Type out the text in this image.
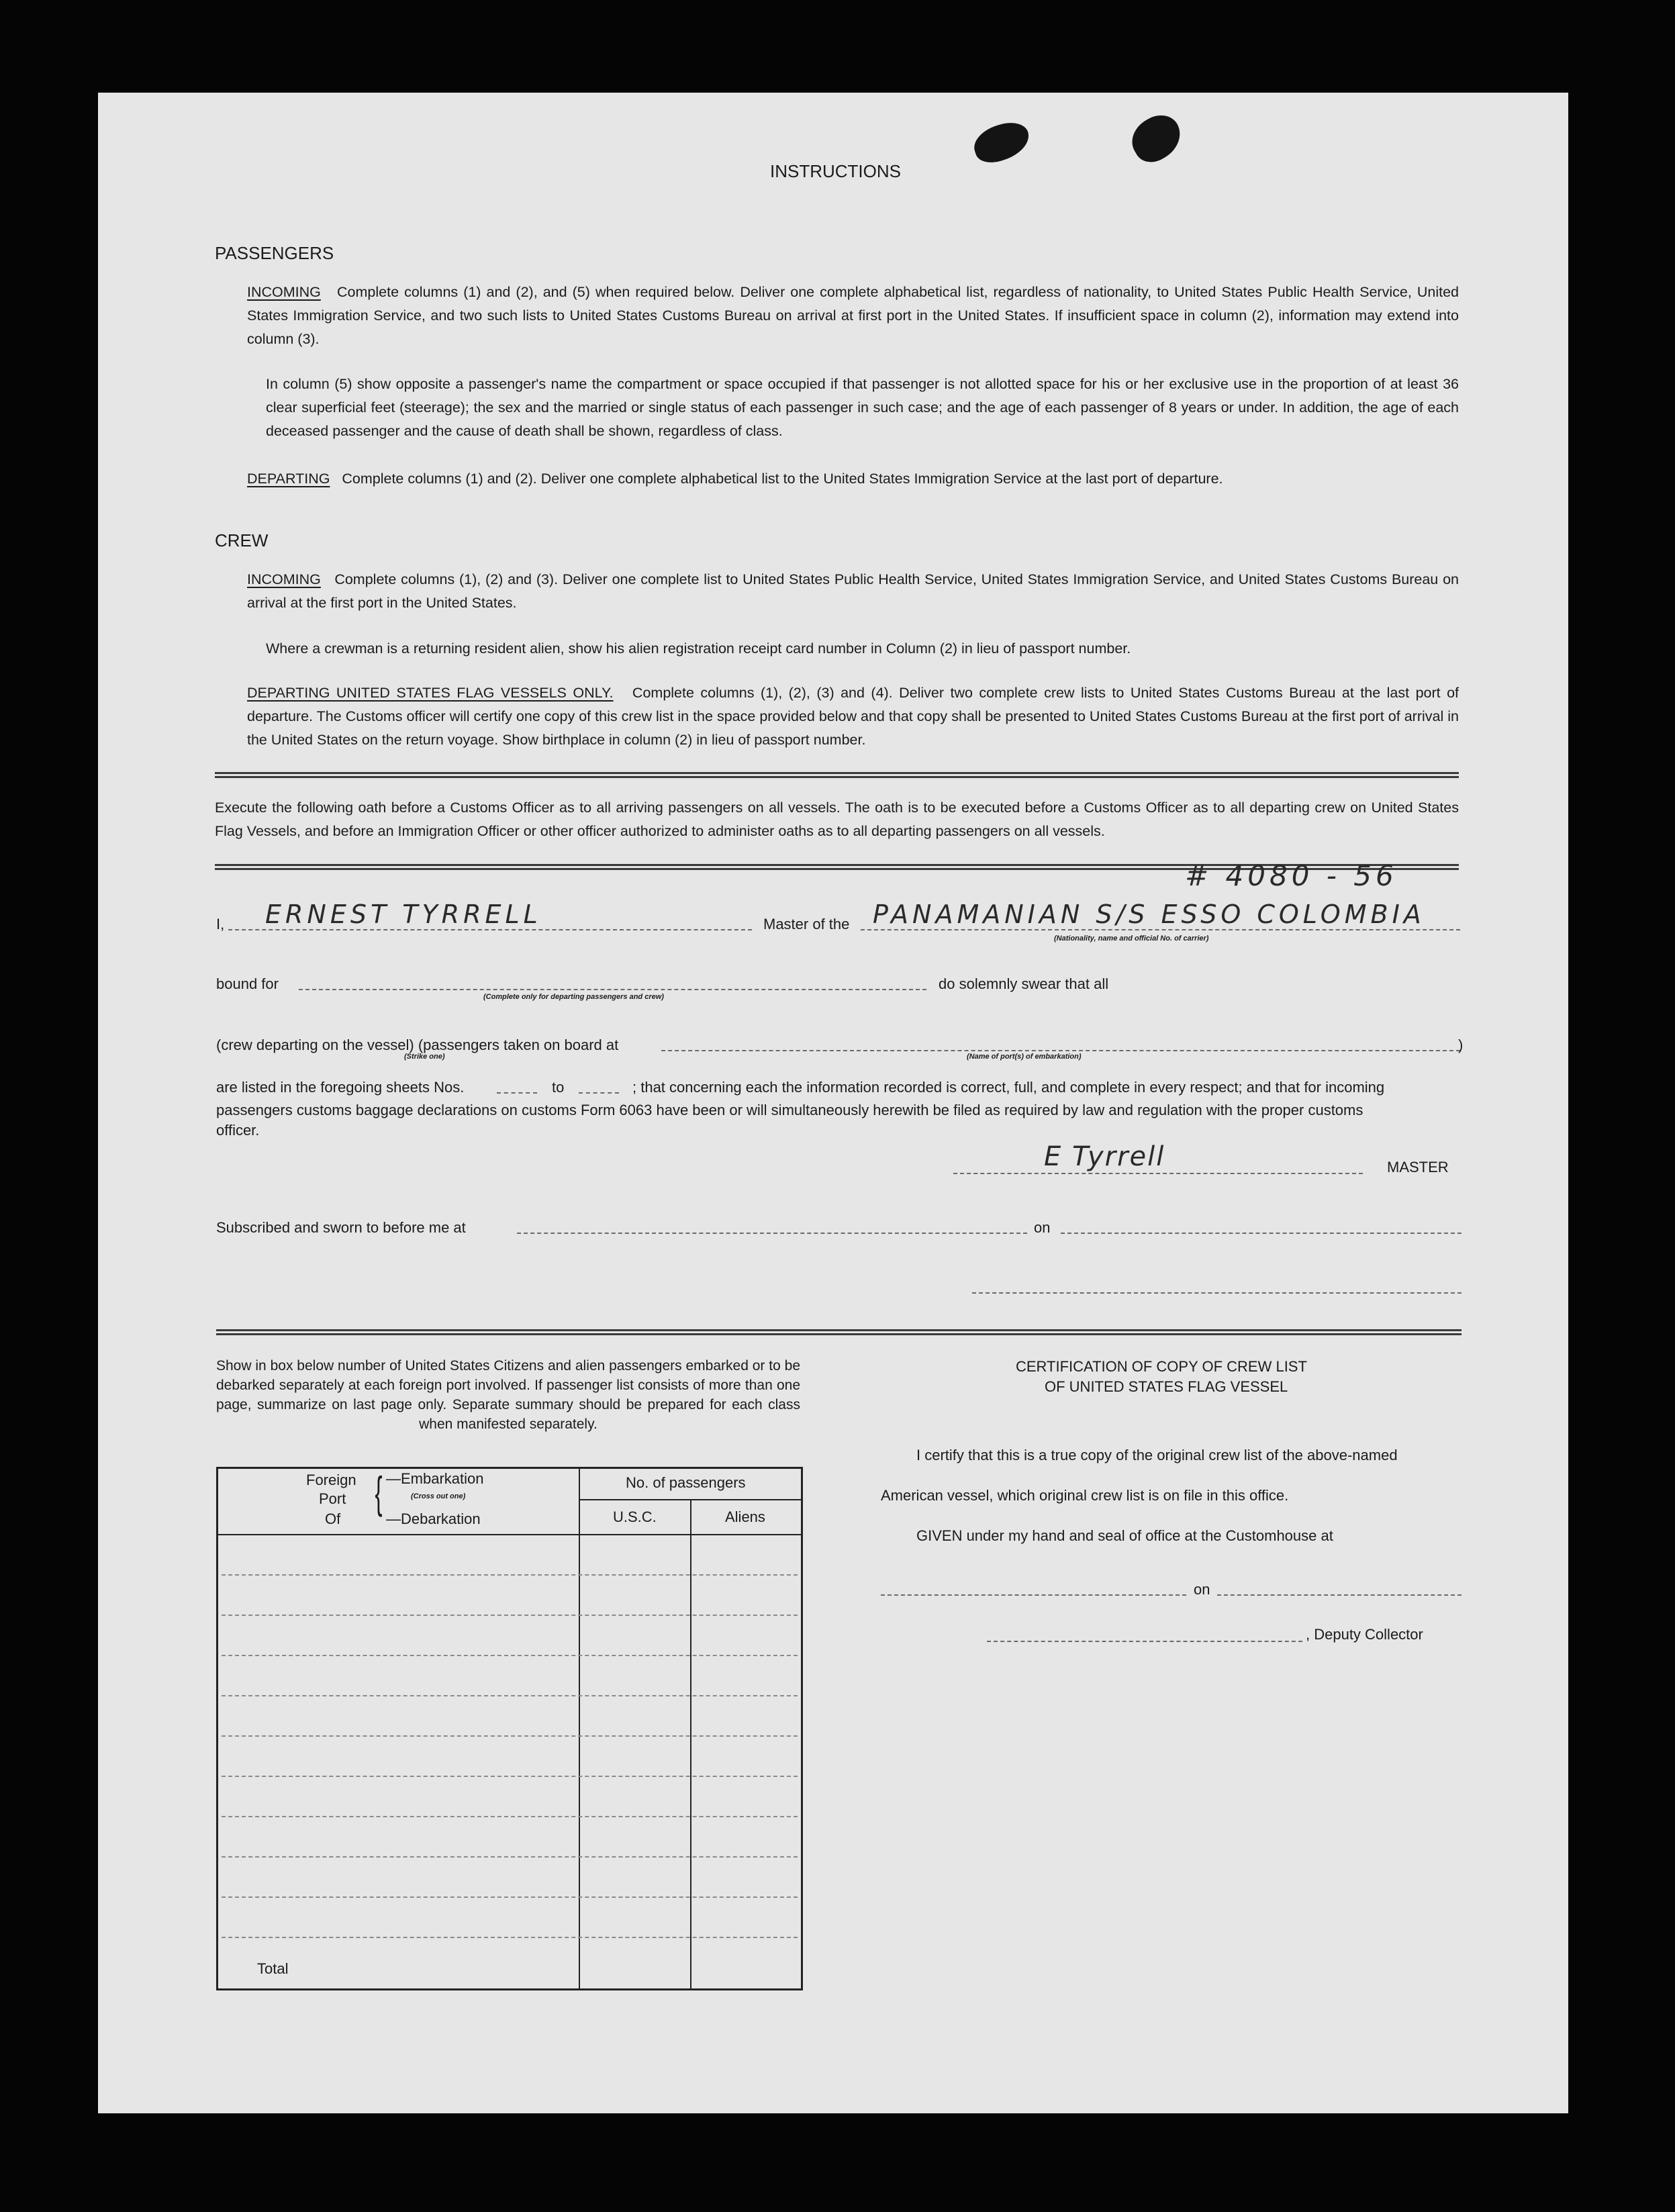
INSTRUCTIONS
PASSENGERS
INCOMING Complete columns (1) and (2), and (5) when required below. Deliver one complete alphabetical list, regardless of nationality, to United States Public Health Service, United States Immigration Service, and two such lists to United States Customs Bureau on arrival at first port in the United States. If insufficient space in column (2), information may extend into column (3).
In column (5) show opposite a passenger's name the compartment or space occupied if that passenger is not allotted space for his or her exclusive use in the proportion of at least 36 clear superficial feet (steerage); the sex and the married or single status of each passenger in such case; and the age of each passenger of 8 years or under. In addition, the age of each deceased passenger and the cause of death shall be shown, regardless of class.
DEPARTING Complete columns (1) and (2). Deliver one complete alphabetical list to the United States Immigration Service at the last port of departure.
CREW
INCOMING Complete columns (1), (2) and (3). Deliver one complete list to United States Public Health Service, United States Immigration Service, and United States Customs Bureau on arrival at the first port in the United States.
Where a crewman is a returning resident alien, show his alien registration receipt card number in Column (2) in lieu of passport number.
DEPARTING UNITED STATES FLAG VESSELS ONLY. Complete columns (1), (2), (3) and (4). Deliver two complete crew lists to United States Customs Bureau at the last port of departure. The Customs officer will certify one copy of this crew list in the space provided below and that copy shall be presented to United States Customs Bureau at the first port of arrival in the United States on the return voyage. Show birthplace in column (2) in lieu of passport number.
Execute the following oath before a Customs Officer as to all arriving passengers on all vessels. The oath is to be executed before a Customs Officer as to all departing crew on United States Flag Vessels, and before an Immigration Officer or other officer authorized to administer oaths as to all departing passengers on all vessels.
# 4080 - 56
I, ERNEST TYRRELL	Master of the PANAMANIAN S/S ESSO COLOMBIA
(Nationality, name and official No. of carrier)
bound for
(Complete only for departing passengers and crew)
do solemnly swear that all
(crew departing on the vessel) (passengers taken on board at	)
(Strike one)	(Name of port(s) of embarkation)
are listed in the foregoing sheets Nos.	to	; that concerning each the information recorded is correct, full, and complete in every respect; and that for incoming
passengers customs baggage declarations on customs Form 6063 have been or will simultaneously herewith be filed as required by law and regulation with the proper customs
officer.
E Tyrrell	MASTER
Subscribed and sworn to before me at	on
Show in box below number of United States Citizens and alien passengers embarked or to be debarked separately at each foreign port involved. If passenger list consists of more than one page, summarize on last page only. Separate summary should be prepared for each class when manifested separately.
Foreign
Port
Of
{ —Embarkation
(Cross out one)
—Debarkation
No. of passengers
U.S.C.	Aliens
Total
CERTIFICATION OF COPY OF CREW LIST
OF UNITED STATES FLAG VESSEL
I certify that this is a true copy of the original crew list of the above-named
American vessel, which original crew list is on file in this office.
GIVEN under my hand and seal of office at the Customhouse at
on
, Deputy Collector
